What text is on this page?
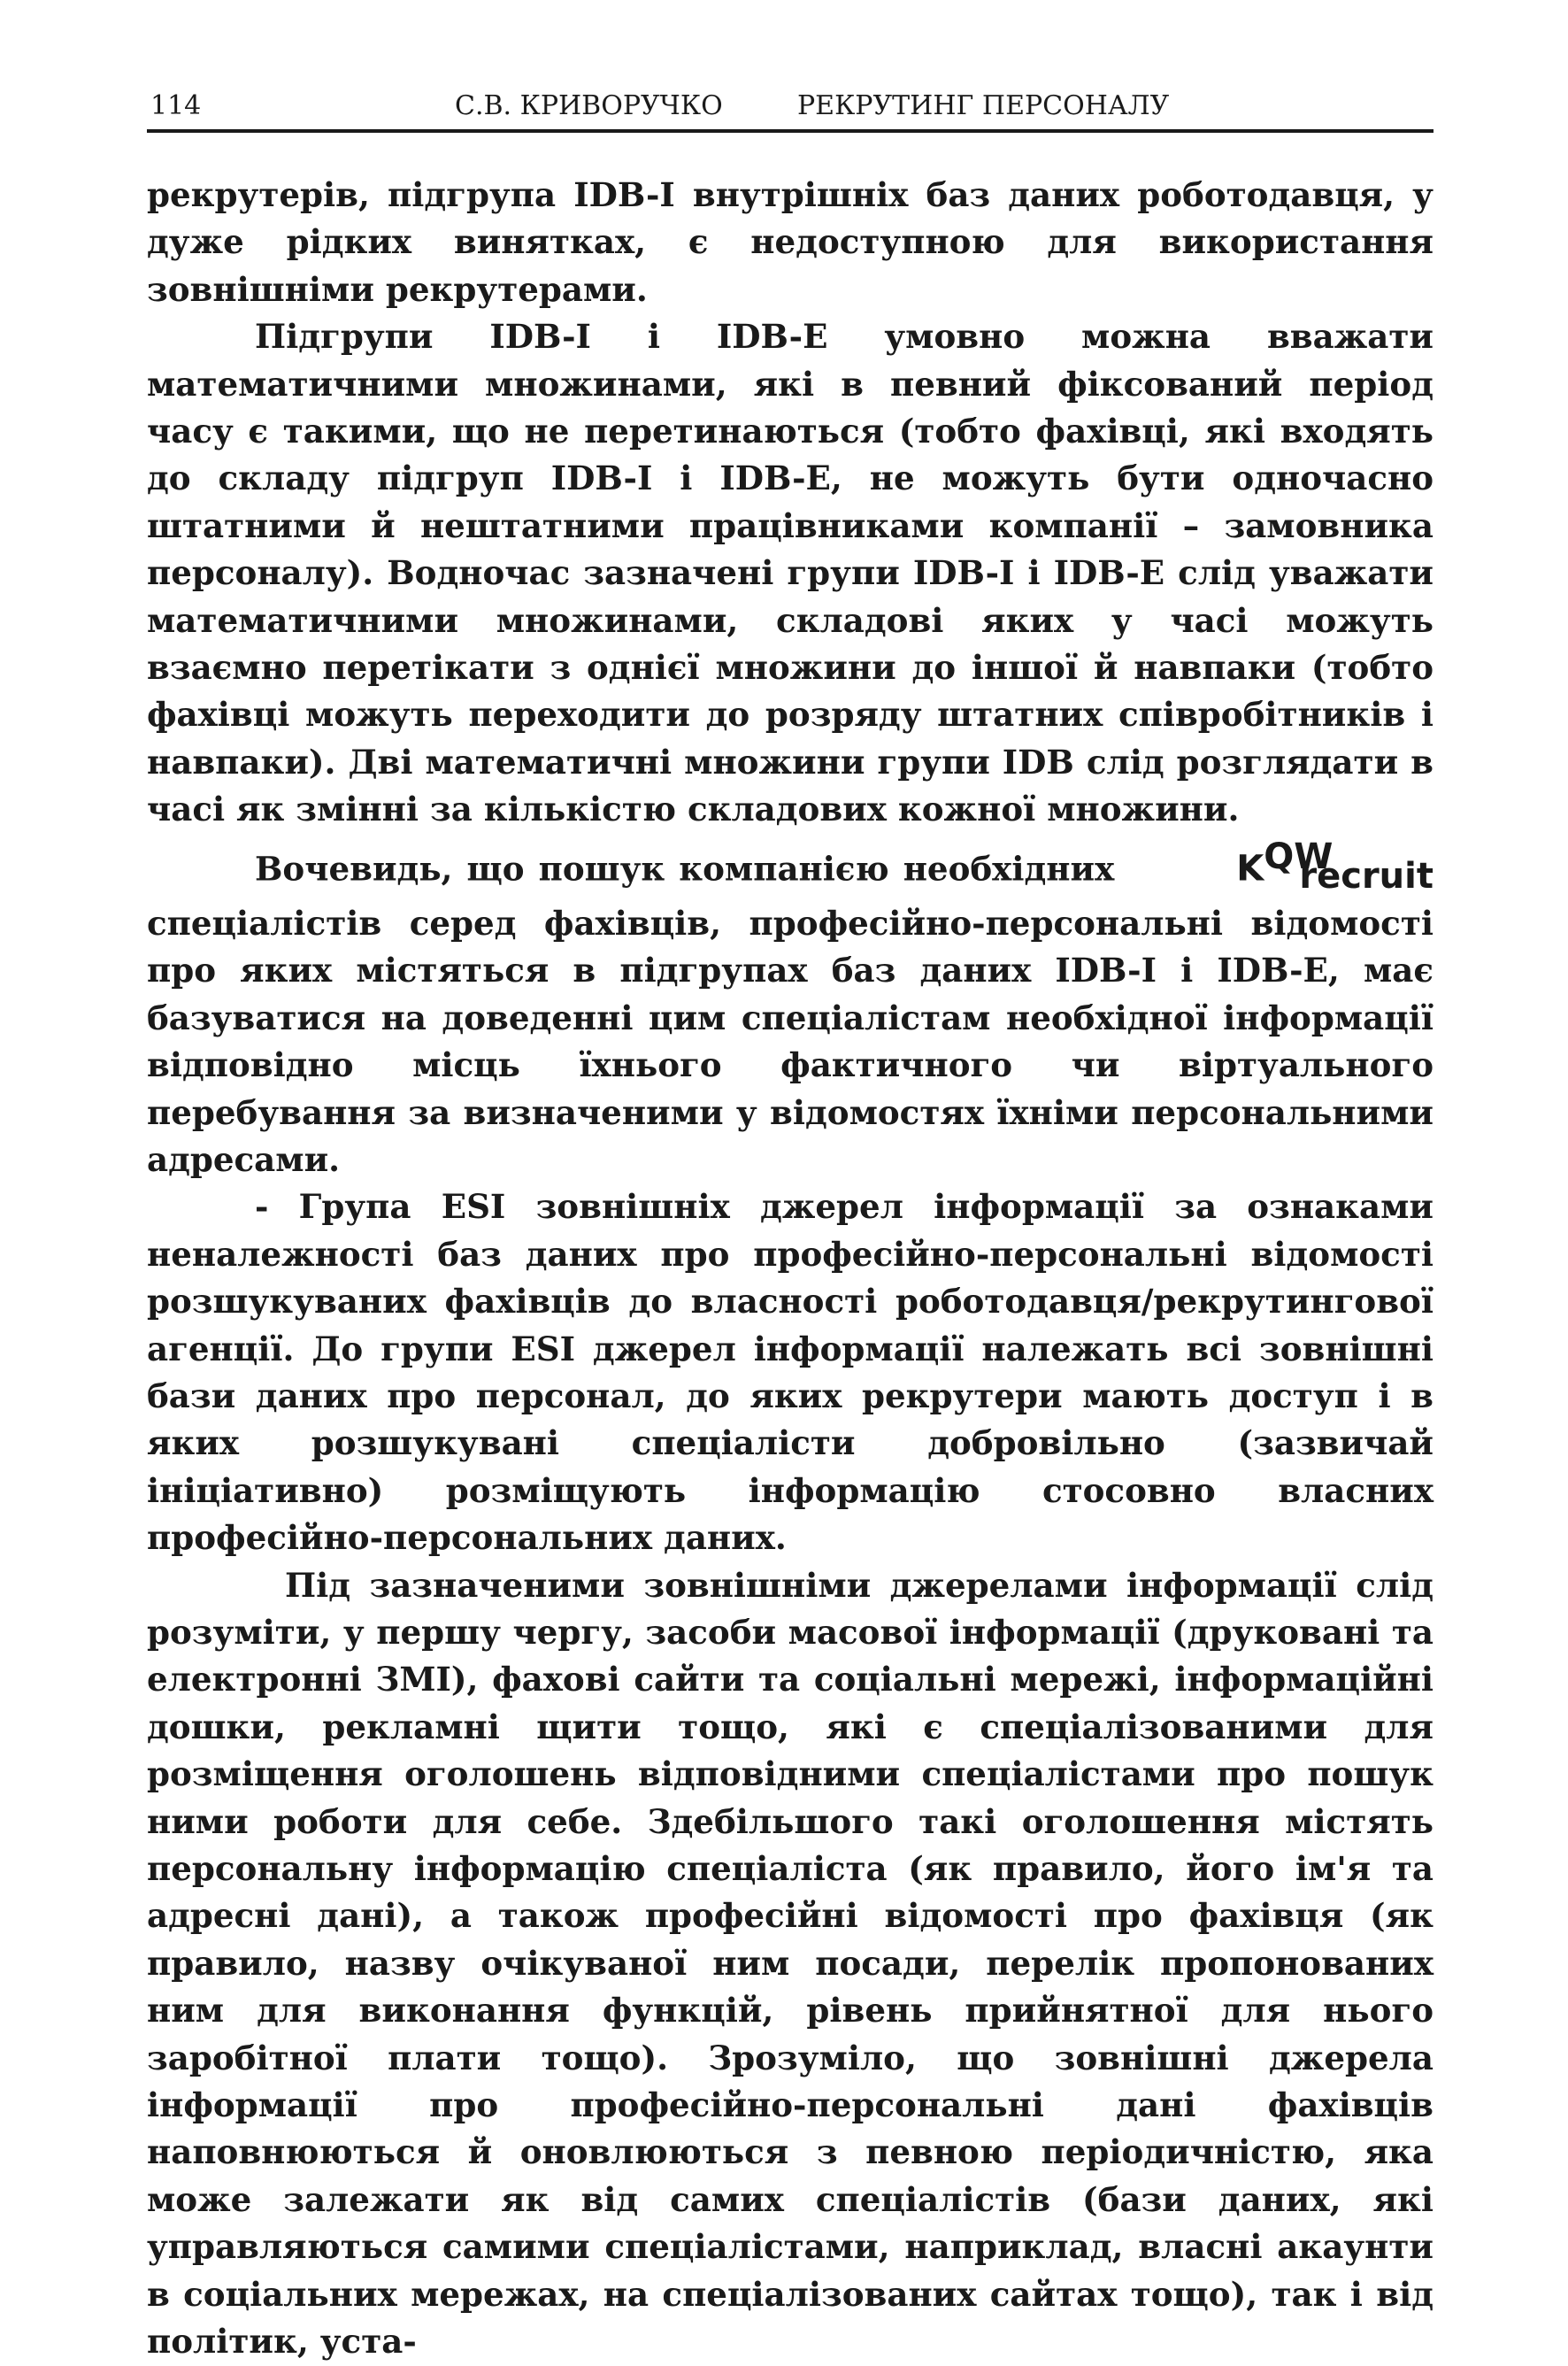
114	С.В. КРИВОРУЧКО	РЕКРУТИНГ ПЕРСОНАЛУ

рекрутерів, підгрупа IDB-I внутрішніх баз даних роботодавця, у дуже рідких винятках, є недоступною для використання зовнішніми рекрутерами.

Підгрупи IDB-I і IDB-E умовно можна вважати математичними множинами, які в певний фіксований період часу є такими, що не перетинаються (тобто фахівці, які входять до складу підгруп IDB-I і IDB-E, не можуть бути одночасно штатними й нештатними працівниками компанії – замовника персоналу). Водночас зазначені групи IDB-I і IDB-E слід уважати математичними множинами, складові яких у часі можуть взаємно перетікати з однієї множини до іншої й навпаки (тобто фахівці можуть переходити до розряду штатних співробітників і навпаки). Дві математичні множини групи IDB слід розглядати в часі як змінні за кількістю складових кожної множини.

Вочевидь, що пошук компанією необхідних	$K^{QW}_{recruit}$ спеціалістів серед фахівців, професійно-персональні відомості про яких містяться в підгрупах баз даних IDB-I і IDB-E, має базуватися на доведенні цим спеціалістам необхідної інформації відповідно місць їхнього фактичного чи віртуального перебування за визначеними у відомостях їхніми персональними адресами.

- Група ESI зовнішніх джерел інформації за ознаками неналежності баз даних про професійно-персональні відомості розшукуваних фахівців до власності роботодавця/рекрутингової агенції. До групи ESI джерел інформації належать всі зовнішні бази даних про персонал, до яких рекрутери мають доступ і в яких розшукувані спеціалісти добровільно (зазвичай ініціативно) розміщують інформацію стосовно власних професійно-персональних даних.

Під зазначеними зовнішніми джерелами інформації слід розуміти, у першу чергу, засоби масової інформації (друковані та електронні ЗМІ), фахові сайти та соціальні мережі, інформаційні дошки, рекламні щити тощо, які є спеціалізованими для розміщення оголошень відповідними спеціалістами про пошук ними роботи для себе. Здебільшого такі оголошення містять персональну інформацію спеціаліста (як правило, його ім'я та адресні дані), а також професійні відомості про фахівця (як правило, назву очікуваної ним посади, перелік пропонованих ним для виконання функцій, рівень прийнятної для нього заробітної плати тощо). Зрозуміло, що зовнішні джерела інформації про професійно-персональні дані фахівців наповнюються й оновлюються з певною періодичністю, яка може залежати як від самих спеціалістів (бази даних, які управляються самими спеціалістами, наприклад, власні акаунти в соціальних мережах, на спеціалізованих сайтах тощо), так і від політик, уста-
